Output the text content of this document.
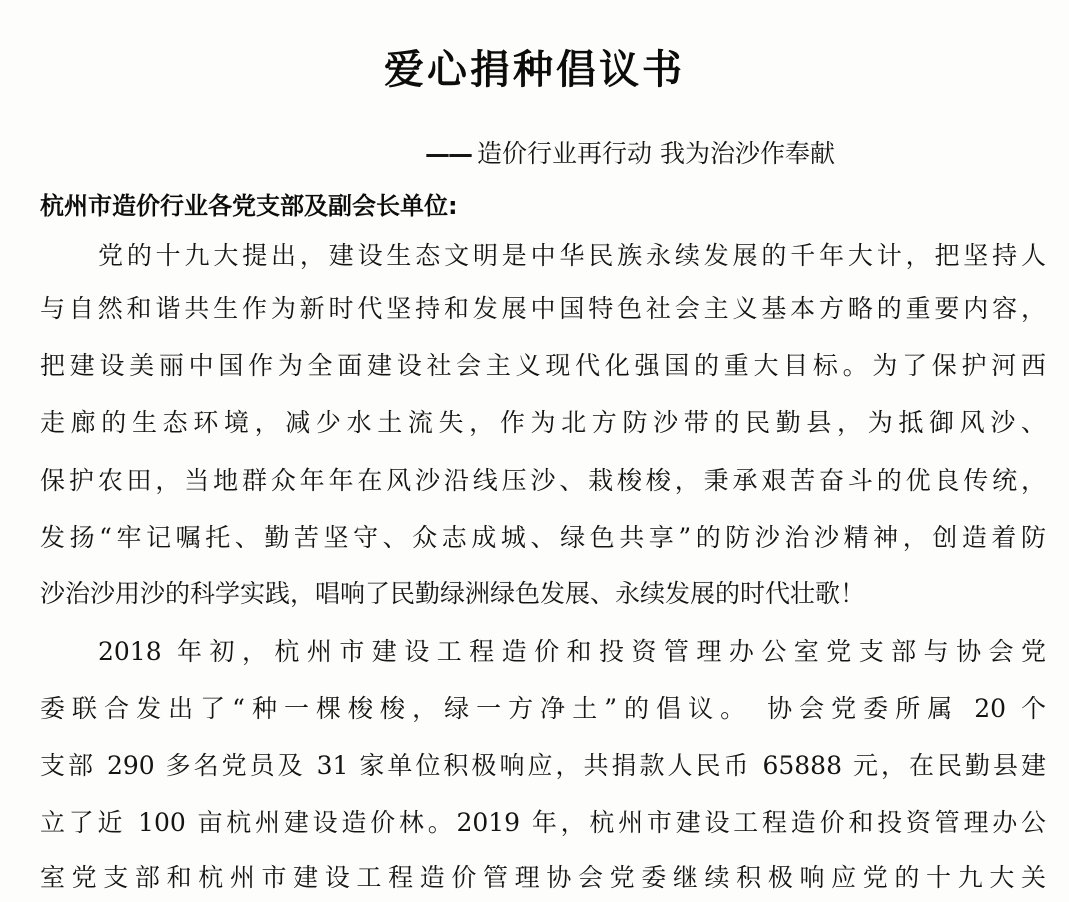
爱心捐种倡议书
—— 造价行业再行动 我为治沙作奉献
杭州市造价行业各党支部及副会长单位:
党的十九大提出，建设生态文明是中华民族永续发展的千年大计，把坚持人
与自然和谐共生作为新时代坚持和发展中国特色社会主义基本方略的重要内容，
把建设美丽中国作为全面建设社会主义现代化强国的重大目标。为了保护河西
走廊的生态环境，减少水土流失，作为北方防沙带的民勤县，为抵御风沙、
保护农田，当地群众年年在风沙沿线压沙、栽梭梭，秉承艰苦奋斗的优良传统，
发扬“牢记嘱托、勤苦坚守、众志成城、绿色共享”的防沙治沙精神，创造着防
沙治沙用沙的科学实践，唱响了民勤绿洲绿色发展、永续发展的时代壮歌！
2018 年初，杭州市建设工程造价和投资管理办公室党支部与协会党
委联合发出了“种一棵梭梭，绿一方净土”的倡议。 协会党委所属 20 个
支部 290 多名党员及 31 家单位积极响应，共捐款人民币 65888 元，在民勤县建
立了近 100 亩杭州建设造价林。2019 年，杭州市建设工程造价和投资管理办公
室党支部和杭州市建设工程造价管理协会党委继续积极响应党的十九大关
